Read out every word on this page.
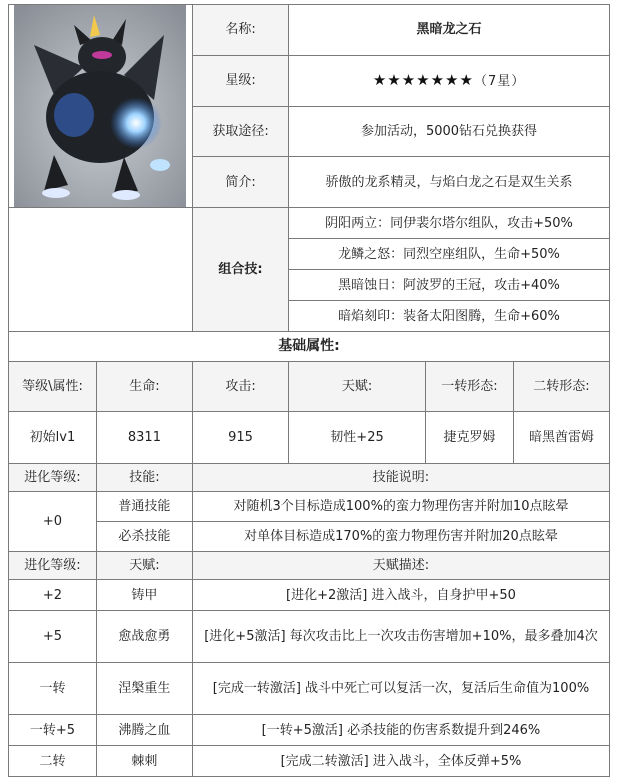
	名称:	黑暗龙之石		
		星级:	★★★★★★★（7星）		
		获取途径:	参加活动，5000钻石兑换获得		
		简介:	骄傲的龙系精灵，与焰白龙之石是双生关系		
		组合技:	阴阳两立：同伊裴尔塔尔组队，攻击+50%		
			龙鳞之怒：同烈空座组队，生命+50%		
			黑暗蚀日：阿波罗的王冠，攻击+40%		
			暗焰刻印：装备太阳图腾，生命+60%		
基础属性:					
等级\属性:	生命:	攻击:	天赋:	一转形态:	二转形态:
初始lv1	8311	915	韧性+25	捷克罗姆	暗黑酋雷姆
进化等级:	技能:	技能说明:			
+0	普通技能	对随机3个目标造成100%的蛮力物理伤害并附加10点眩晕			
	必杀技能	对单体目标造成170%的蛮力物理伤害并附加20点眩晕			
进化等级:	天赋:	天赋描述:			
+2	铸甲	[进化+2激活] 进入战斗，自身护甲+50			
+5	愈战愈勇	[进化+5激活] 每次攻击比上一次攻击伤害增加+10%，最多叠加4次			
一转	涅槃重生	[完成一转激活] 战斗中死亡可以复活一次，复活后生命值为100%			
一转+5	沸腾之血	[一转+5激活] 必杀技能的伤害系数提升到246%			
二转	棘刺	[完成二转激活] 进入战斗，全体反弹+5%			
